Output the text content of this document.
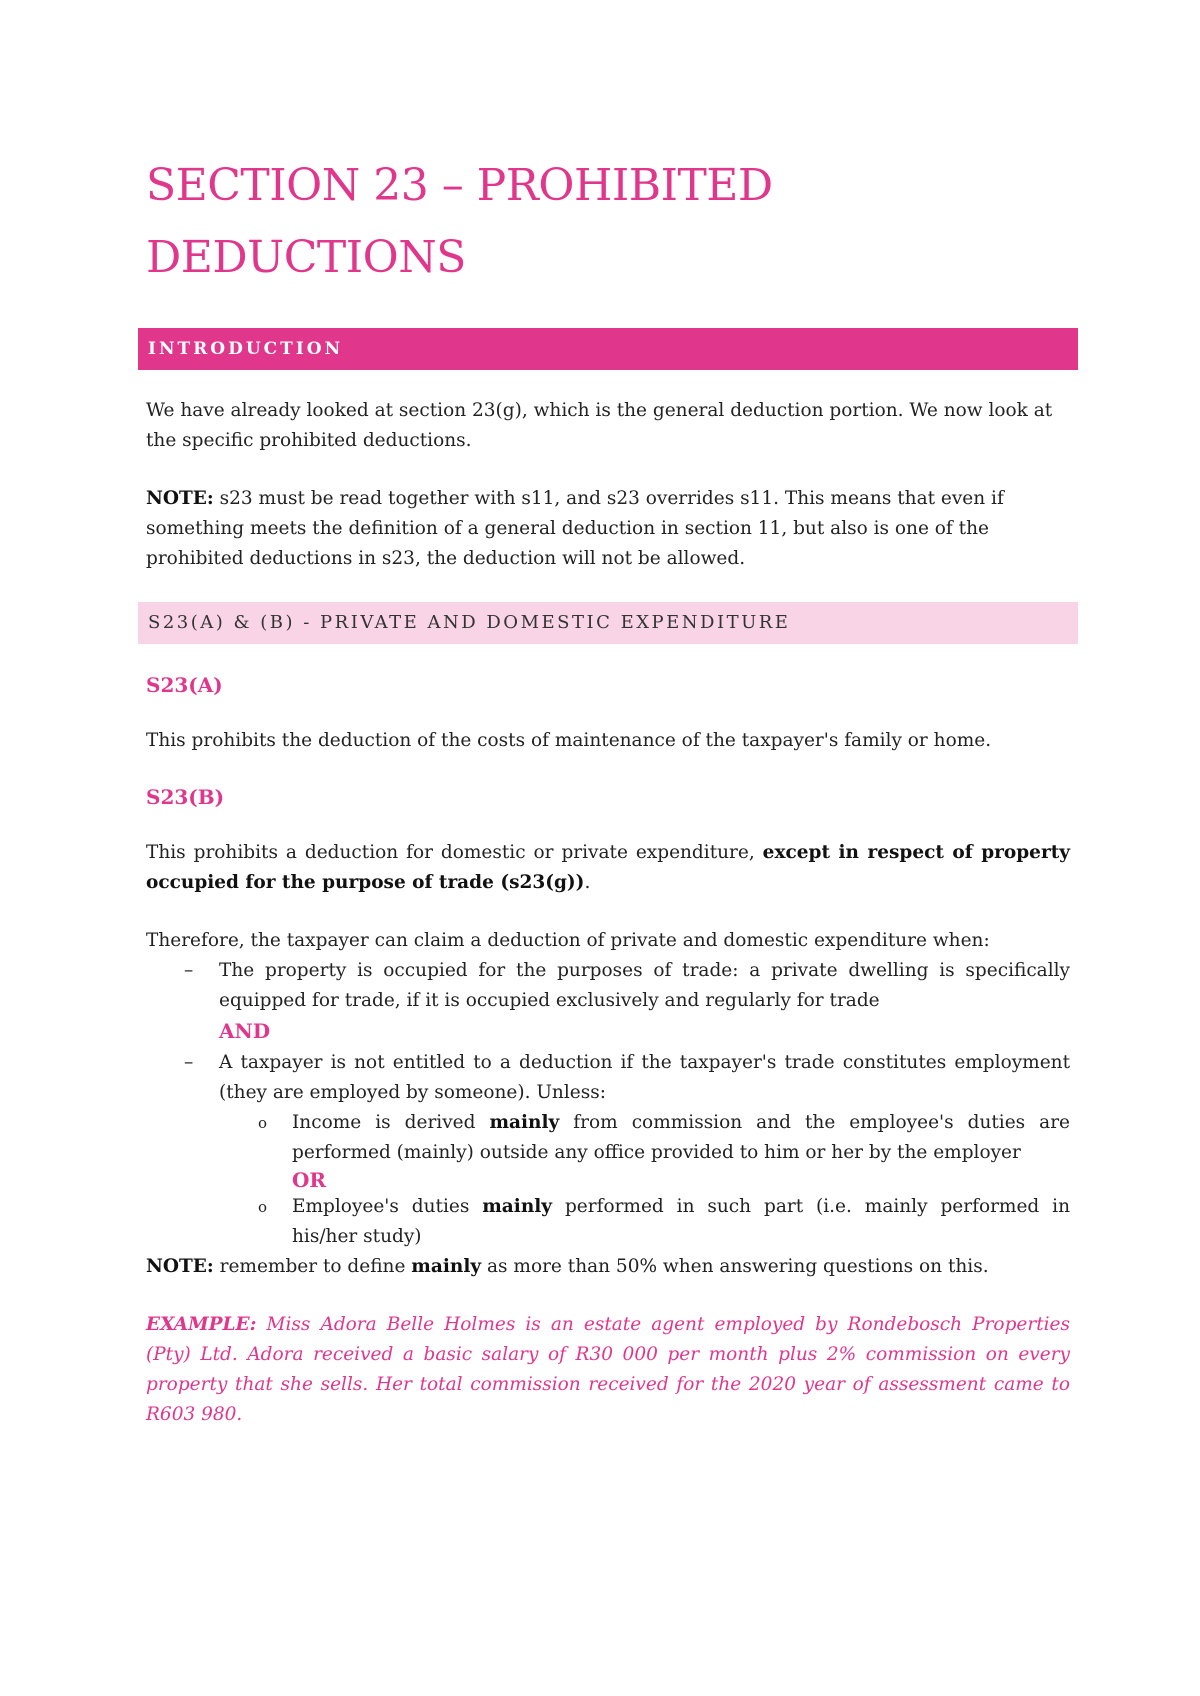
SECTION 23 – PROHIBITED
DEDUCTIONS
INTRODUCTION

We have already looked at section 23(g), which is the general deduction portion. We now look at the specific prohibited deductions.

NOTE: s23 must be read together with s11, and s23 overrides s11. This means that even if something meets the definition of a general deduction in section 11, but also is one of the prohibited deductions in s23, the deduction will not be allowed.

S23(A) & (B) - PRIVATE AND DOMESTIC EXPENDITURE
S23(A)

This prohibits the deduction of the costs of maintenance of the taxpayer's family or home.

S23(B)

This prohibits a deduction for domestic or private expenditure, except in respect of property occupied for the purpose of trade (s23(g)).

Therefore, the taxpayer can claim a deduction of private and domestic expenditure when:

– The property is occupied for the purposes of trade: a private dwelling is specifically equipped for trade, if it is occupied exclusively and regularly for trade
AND
– A taxpayer is not entitled to a deduction if the taxpayer's trade constitutes employment (they are employed by someone). Unless:
o Income is derived mainly from commission and the employee's duties are performed (mainly) outside any office provided to him or her by the employer
OR
o Employee's duties mainly performed in such part (i.e. mainly performed in his/her study)

NOTE: remember to define mainly as more than 50% when answering questions on this.

EXAMPLE: Miss Adora Belle Holmes is an estate agent employed by Rondebosch Properties (Pty) Ltd. Adora received a basic salary of R30 000 per month plus 2% commission on every property that she sells. Her total commission received for the 2020 year of assessment came to R603 980.
